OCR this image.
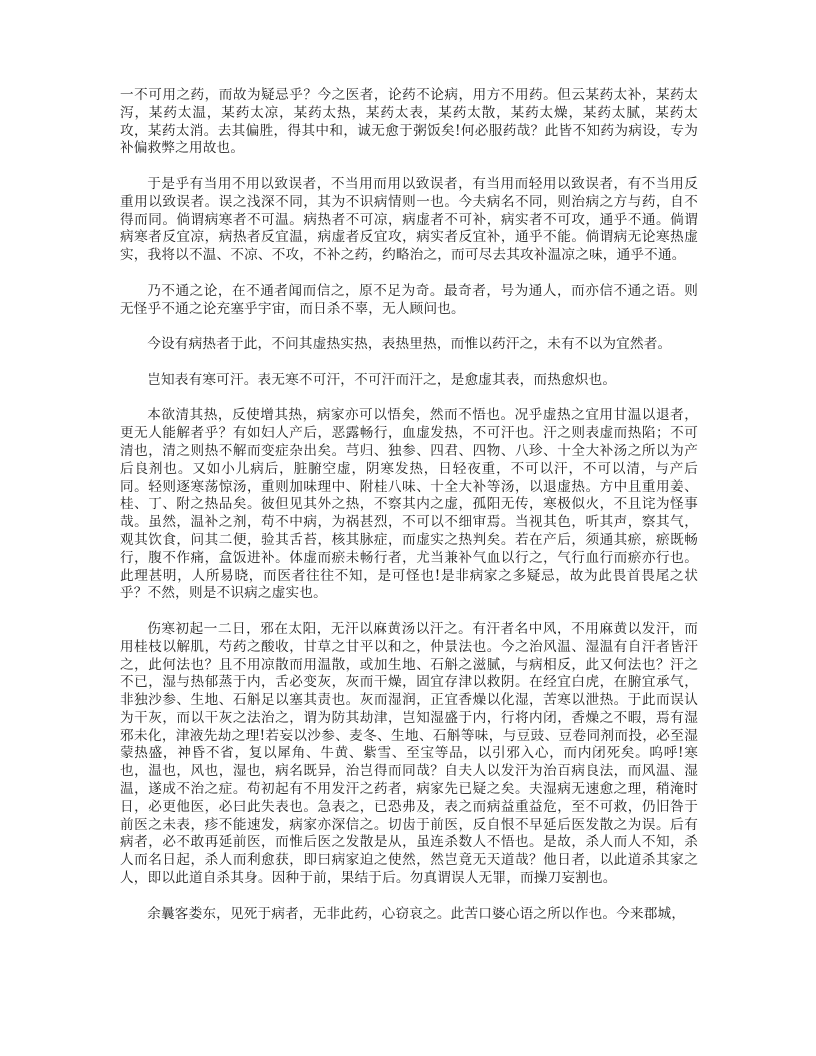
一不可用之药，而故为疑忌乎？今之医者，论药不论病，用方不用药。但云某药太补，某药太泻，某药太温，某药太凉，某药太热，某药太表，某药太散，某药太燥，某药太腻，某药太攻，某药太消。去其偏胜，得其中和，诚无愈于粥饭矣!何必服药哉？此皆不知药为病设，专为补偏救弊之用故也。

于是乎有当用不用以致误者，不当用而用以致误者，有当用而轻用以致误者，有不当用反重用以致误者。误之浅深不同，其为不识病情则一也。今夫病名不同，则治病之方与药，自不得而同。倘谓病寒者不可温。病热者不可凉，病虚者不可补，病实者不可攻，通乎不通。倘谓病寒者反宜凉，病热者反宜温，病虚者反宜攻，病实者反宜补，通乎不能。倘谓病无论寒热虚实，我将以不温、不凉、不攻，不补之药，约略治之，而可尽去其攻补温凉之味，通乎不通。

乃不通之论，在不通者闻而信之，原不足为奇。最奇者，号为通人，而亦信不通之语。则无怪乎不通之论充塞乎宇宙，而日杀不辜，无人顾问也。

今设有病热者于此，不问其虚热实热，表热里热，而惟以药汗之，未有不以为宜然者。

岂知表有寒可汗。表无寒不可汗，不可汗而汗之，是愈虚其表，而热愈炽也。

本欲清其热，反使增其热，病家亦可以悟矣，然而不悟也。况乎虚热之宜用甘温以退者，更无人能解者乎？有如妇人产后，恶露畅行，血虚发热，不可汗也。汗之则表虚而热陷；不可清也，清之则热不解而变症杂出矣。芎归、独参、四君、四物、八珍、十全大补汤之所以为产后良剂也。又如小儿病后，脏腑空虚，阴寒发热，日轻夜重，不可以汗，不可以清，与产后同。轻则逐寒荡惊汤，重则加味理中、附桂八味、十全大补等汤，以退虚热。方中且重用姜、桂、丁、附之热品矣。彼但见其外之热，不察其内之虚，孤阳无传，寒极似火，不且诧为怪事哉。虽然，温补之剂，苟不中病，为祸甚烈，不可以不细审焉。当视其色，听其声，察其气，观其饮食，问其二便，验其舌苔，核其脉症，而虚实之热判矣。若在产后，须通其瘀，瘀既畅行，腹不作痛，盒饭进补。体虚而瘀未畅行者，尤当兼补气血以行之，气行血行而瘀亦行也。此理甚明，人所易晓，而医者往往不知，是可怪也!是非病家之多疑忌，故为此畏首畏尾之状乎？不然，则是不识病之虚实也。

伤寒初起一二日，邪在太阳，无汗以麻黄汤以汗之。有汗者名中风，不用麻黄以发汗，而用桂枝以解肌，芍药之酸收，甘草之甘平以和之，仲景法也。今之治风温、湿温有自汗者皆汗之，此何法也？且不用凉散而用温散，或加生地、石斛之滋腻，与病相反，此又何法也？汗之不已，湿与热郁蒸于内，舌必变灰，灰而干燥，固宜存津以救阴。在经宜白虎，在腑宜承气，非独沙参、生地、石斛足以塞其责也。灰而湿润，正宜香燥以化湿，苦寒以泄热。于此而误认为干灰，而以干灰之法治之，谓为防其劫津，岂知湿盛于内，行将内闭，香燥之不暇，焉有湿邪未化，津液先劫之理!若妄以沙参、麦冬、生地、石斛等味，与豆豉、豆卷同剂而投，必至湿蒙热盛，神昏不省，复以犀角、牛黄、紫雪、至宝等品，以引邪入心，而内闭死矣。呜呼!寒也，温也，风也，湿也，病名既异，治岂得而同哉？自夫人以发汗为治百病良法，而风温、湿温，遂成不治之症。苟初起有不用发汗之药者，病家先已疑之矣。夫湿病无速愈之理，稍淹时日，必更他医，必曰此失表也。急表之，已恐弗及，表之而病益重益危，至不可救，仍旧咎于前医之未表，疹不能速发，病家亦深信之。切齿于前医，反自恨不早延后医发散之为误。后有病者，必不敢再延前医，而惟后医之发散是从，虽连杀数人不悟也。是故，杀人而人不知，杀人而名日起，杀人而利愈获，即曰病家迫之使然，然岂竟无天道哉？他日者，以此道杀其家之人，即以此道自杀其身。因种于前，果结于后。勿真谓误人无罪，而操刀妄割也。

余曩客娄东，见死于病者，无非此药，心窃哀之。此苦口婆心语之所以作也。今来郡城，
